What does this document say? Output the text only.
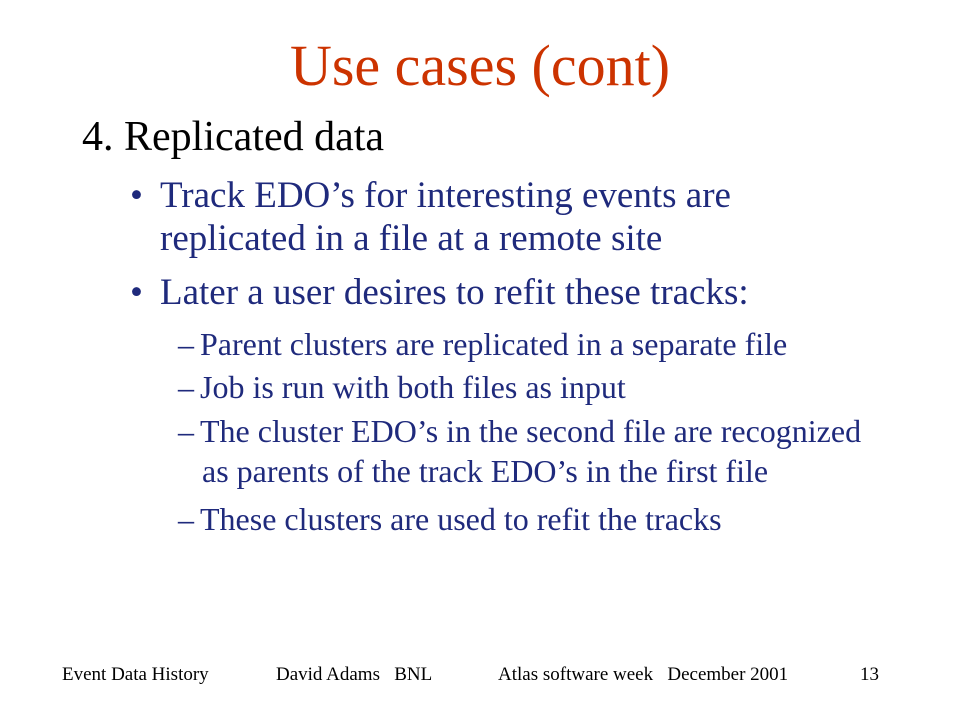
Use cases (cont)
4. Replicated data
• Track EDO’s for interesting events are
replicated in a file at a remote site
• Later a user desires to refit these tracks:
– Parent clusters are replicated in a separate file
– Job is run with both files as input
– The cluster EDO’s in the second file are recognized
as parents of the track EDO’s in the first file
– These clusters are used to refit the tracks
Event Data History	David Adams   BNL	Atlas software week   December 2001	13
